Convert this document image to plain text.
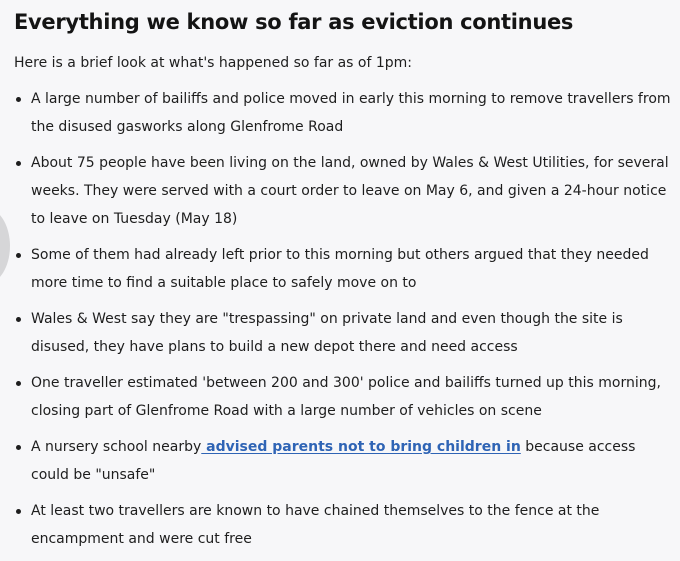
Everything we know so far as eviction continues

Here is a brief look at what's happened so far as of 1pm:

A large number of bailiffs and police moved in early this morning to remove travellers from the disused gasworks along Glenfrome Road
About 75 people have been living on the land, owned by Wales & West Utilities, for several weeks. They were served with a court order to leave on May 6, and given a 24-hour notice to leave on Tuesday (May 18)
Some of them had already left prior to this morning but others argued that they needed more time to find a suitable place to safely move on to
Wales & West say they are "trespassing" on private land and even though the site is disused, they have plans to build a new depot there and need access
One traveller estimated 'between 200 and 300' police and bailiffs turned up this morning, closing part of Glenfrome Road with a large number of vehicles on scene
A nursery school nearby advised parents not to bring children in because access could be "unsafe"
At least two travellers are known to have chained themselves to the fence at the encampment and were cut free
